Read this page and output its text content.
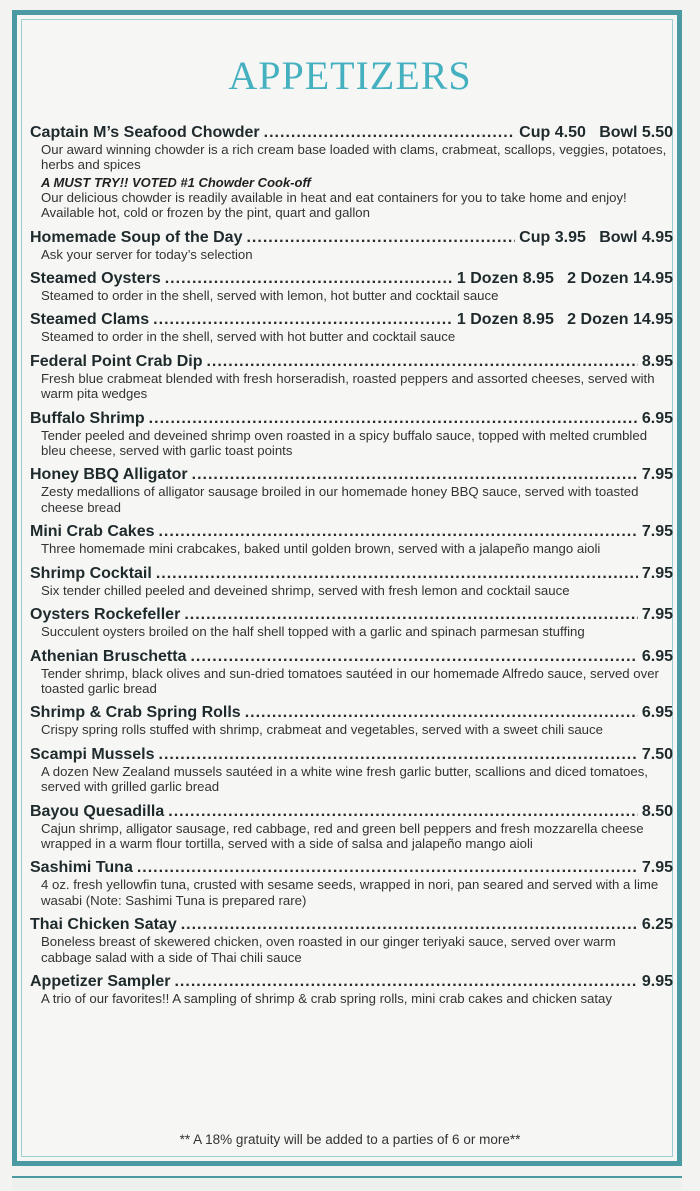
APPETIZERS
Captain M’s Seafood Chowder .....	Cup 4.50   Bowl 5.50
Our award winning chowder is a rich cream base loaded with clams, crabmeat, scallops, veggies, potatoes, herbs and spices
A MUST TRY!! VOTED #1 Chowder Cook-off
Our delicious chowder is readily available in heat and eat containers for you to take home and enjoy! Available hot, cold or frozen by the pint, quart and gallon
Homemade Soup of the Day .....	Cup 3.95   Bowl 4.95
Ask your server for today’s selection
Steamed Oysters .....	1 Dozen 8.95   2 Dozen 14.95
Steamed to order in the shell, served with lemon, hot butter and cocktail sauce
Steamed Clams .....	1 Dozen 8.95   2 Dozen 14.95
Steamed to order in the shell, served with hot butter and cocktail sauce
Federal Point Crab Dip .....	8.95
Fresh blue crabmeat blended with fresh horseradish, roasted peppers and assorted cheeses, served with warm pita wedges
Buffalo Shrimp .....	6.95
Tender peeled and deveined shrimp oven roasted in a spicy buffalo sauce, topped with melted crumbled bleu cheese, served with garlic toast points
Honey BBQ Alligator .....	7.95
Zesty medallions of alligator sausage broiled in our homemade honey BBQ sauce, served with toasted cheese bread
Mini Crab Cakes .....	7.95
Three homemade mini crabcakes, baked until golden brown, served with a jalapeño mango aioli
Shrimp Cocktail .....	7.95
Six tender chilled peeled and deveined shrimp, served with fresh lemon and cocktail sauce
Oysters Rockefeller .....	7.95
Succulent oysters broiled on the half shell topped with a garlic and spinach parmesan stuffing
Athenian Bruschetta .....	6.95
Tender shrimp, black olives and sun-dried tomatoes sautéed in our homemade Alfredo sauce, served over toasted garlic bread
Shrimp & Crab Spring Rolls .....	6.95
Crispy spring rolls stuffed with shrimp, crabmeat and vegetables, served with a sweet chili sauce
Scampi Mussels .....	7.50
A dozen New Zealand mussels sautéed in a white wine fresh garlic butter, scallions and diced tomatoes, served with grilled garlic bread
Bayou Quesadilla .....	8.50
Cajun shrimp, alligator sausage, red cabbage, red and green bell peppers and fresh mozzarella cheese wrapped in a warm flour tortilla, served with a side of salsa and jalapeño mango aioli
Sashimi Tuna .....	7.95
4 oz. fresh yellowfin tuna, crusted with sesame seeds, wrapped in nori, pan seared and served with a lime wasabi (Note: Sashimi Tuna is prepared rare)
Thai Chicken Satay .....	6.25
Boneless breast of skewered chicken, oven roasted in our ginger teriyaki sauce, served over warm cabbage salad with a side of Thai chili sauce
Appetizer Sampler .....	9.95
A trio of our favorites!! A sampling of shrimp & crab spring rolls, mini crab cakes and chicken satay
** A 18% gratuity will be added to a parties of 6 or more**
